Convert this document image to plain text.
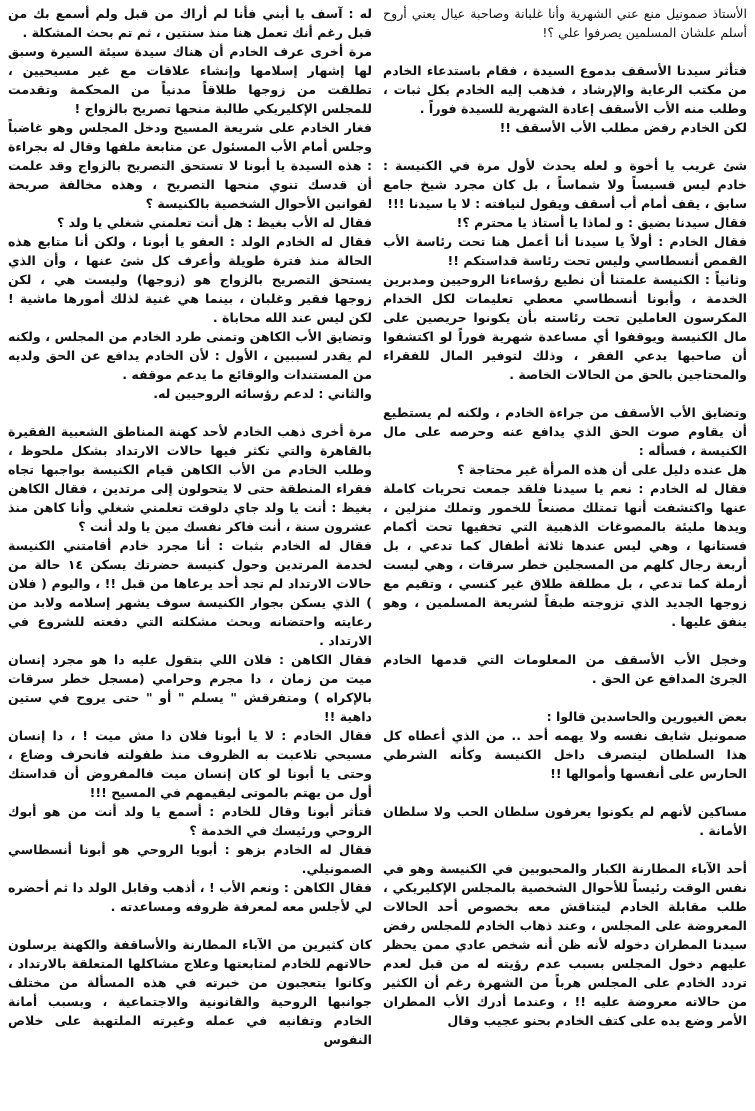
الأستاذ صمونيل منع عني الشهرية وأنا غلبانة وصاحبة عيال يعني أروح أسلم علشان المسلمين يصرفوا علي ؟!

فتأثر سيدنا الأسقف بدموع السيدة ، فقام باستدعاء الخادم من مكتب الرعاية والإرشاد ، فذهب إليه الخادم بكل ثبات ، وطلب منه الأب الأسقف إعادة الشهرية للسيدة فوراً .

لكن الخادم رفض مطلب الأب الأسقف !!

شئ غريب يا أخوة و لعله يحدث لأول مرة في الكنيسة : خادم ليس قسيساً ولا شماساً ، بل كان مجرد شيخ جامع سابق ، يقف أمام أب أسقف ويقول لنيافته : لا يا سيدنا !!!

فقال سيدنا بضيق : و لماذا يا أستاذ يا محترم ؟!

فقال الخادم : أولاً يا سيدنا أنا أعمل هنا تحت رئاسة الأب القمص أنسطاسي وليس تحت رئاسة قداستكم !!

وثانياً : الكنيسة علمتنا أن نطيع رؤساءنا الروحيين ومدبرين الخدمة ، وأبونا أنسطاسي معطي تعليمات لكل الخدام المكرسون العاملين تحت رئاسته بأن يكونوا حريصين على مال الكنيسة ويوقفوا أي مساعدة شهرية فوراً لو اكتشفوا أن صاحبها يدعي الفقر ، وذلك لتوفير المال للفقراء والمحتاجين بالحق من الحالات الخاصة .

وتضايق الأب الأسقف من جراءة الخادم ، ولكنه لم يستطيع أن يقاوم صوت الحق الذي يدافع عنه وحرصه على مال الكنيسة ، فسأله :

هل عنده دليل على أن هذه المرأة غير محتاجة ؟

فقال له الخادم : نعم يا سيدنا فلقد جمعت تحريات كاملة عنها واكتشفت أنها تمتلك مصنعاً للخمور وتملك منزلين ، ويدها مليئة بالمصوغات الذهبية التي تخفيها تحت أكمام فستانها ، وهي ليس عندها ثلاثة أطفال كما تدعي ، بل أربعة رجال كلهم من المسجلين خطر سرقات ، وهي ليست أرملة كما تدعي ، بل مطلقة طلاق غير كنسي ، وتقيم مع زوجها الجديد الذي تزوجته طبقاً لشريعة المسلمين ، وهو ينفق عليها .

وخجل الأب الأسقف من المعلومات التي قدمها الخادم الجرئ المدافع عن الحق .

بعض الغيورين والحاسدين قالوا :

صمونيل شايف نفسه ولا يهمه أحد .. من الذي أعطاه كل هذا السلطان ليتصرف داخل الكنيسة وكأنه الشرطي الحارس على أنفسها وأموالها !!

مساكين لأنهم لم يكونوا يعرفون سلطان الحب ولا سلطان الأمانة .

أحد الآباء المطارنة الكبار والمحبوبين في الكنيسة وهو في نفس الوقت رئيساً للأحوال الشخصية بالمجلس الإكليريكي ، طلب مقابلة الخادم ليتناقش معه بخصوص أحد الحالات المعروضة على المجلس ، وعند ذهاب الخادم للمجلس رفض سيدنا المطران دخوله لأنه ظن أنه شخص عادي ممن يحظر عليهم دخول المجلس بسبب عدم رؤيته له من قبل لعدم تردد الخادم على المجلس هرباً من الشهرة رغم أن الكثير من حالاته معروضة عليه !! ، وعندما أدرك الأب المطران الأمر وضع يده على كتف الخادم بحنو عجيب وقال

له : آسف يا أبني فأنا لم أراك من قبل ولم أسمع بك من قبل رغم أنك تعمل هنا منذ سنتين ، ثم تم بحث المشكلة .

مرة أخرى عرف الخادم أن هناك سيدة سيئة السيرة وسبق لها إشهار إسلامها وإنشاء علاقات مع غير مسيحيين ، تطلقت من زوجها طلاقاً مدنياً من المحكمة وتقدمت للمجلس الإكليريكي طالبة منحها تصريح بالزواج !

فغار الخادم على شريعة المسيح ودخل المجلس وهو غاضباً وجلس أمام الأب المسئول عن متابعة ملفها وقال له بجراءة : هذه السيدة يا أبونا لا تستحق التصريح بالزواج وقد علمت أن قدسك تنوي منحها التصريح ، وهذه مخالفة صريحة لقوانين الأحوال الشخصية بالكنيسة ؟

فقال له الأب بغيظ : هل أنت تعلمني شغلي يا ولد ؟

فقال له الخادم الولد : العفو يا أبونا ، ولكن أنا متابع هذه الحالة منذ فترة طويلة وأعرف كل شئ عنها ، وأن الذي يستحق التصريح بالزواج هو (زوجها) وليست هي ، لكن زوجها فقير وغلبان ، بينما هي غنية لذلك أمورها ماشية ! لكن ليس عند الله محاباة .

وتضايق الأب الكاهن وتمنى طرد الخادم من المجلس ، ولكنه لم يقدر لسببين ، الأول : لأن الخادم يدافع عن الحق ولديه من المستندات والوقائع ما يدعم موقفه .

والثاني : لدعم رؤسائه الروحيين له.

مرة أخرى ذهب الخادم لأحد كهنة المناطق الشعبية الفقيرة بالقاهرة والتي تكثر فيها حالات الارتداد بشكل ملحوظ ، وطلب الخادم من الأب الكاهن قيام الكنيسة بواجبها تجاه فقراء المنطقة حتى لا يتحولون إلى مرتدين ، فقال الكاهن بغيظ : أنت يا ولد جاي دلوقت تعلمني شغلي وأنا كاهن منذ عشرون سنة ، أنت فاكر نفسك مين يا ولد أنت ؟

فقال له الخادم بثبات : أنا مجرد خادم أقامتني الكنيسة لخدمة المرتدين وحول كنيسة حضرتك يسكن ١٤ حالة من حالات الارتداد لم تجد أحد يرعاها من قبل !! ، واليوم ( فلان ) الذي يسكن بجوار الكنيسة سوف يشهر إسلامه ولابد من رعايته واحتضانه وبحث مشكلته التي دفعته للشروع في الارتداد .

فقال الكاهن : فلان اللي بتقول عليه دا هو مجرد إنسان ميت من زمان ، دا مجرم وحرامي (مسجل خطر سرقات بالإكراه ) ومتفرقش " يسلم " أو " حتى يروح في ستين داهية !!

فقال الخادم : لا يا أبونا فلان دا مش ميت ! ، دا إنسان مسيحي تلاعبت به الظروف منذ طفولته فانحرف وضاع ، وحتى يا أبونا لو كان إنسان ميت فالمفروض أن قداستك أول من يهتم بالموتى ليقيمهم في المسيح !!!

فتأثر أبونا وقال للخادم : أسمع يا ولد أنت من هو أبوك الروحي ورئيسك في الخدمة ؟

فقال له الخادم بزهو : أبويا الروحي هو أبونا أنسطاسي الصمونيلي.

فقال الكاهن : ونعم الأب ! ، أذهب وقابل الولد دا ثم أحضره لي لأجلس معه لمعرفة ظروفه ومساعدته .

كان كثيرين من الآباء المطارنة والأساقفة والكهنة يرسلون حالاتهم للخادم لمتابعتها وعلاج مشاكلها المتعلقة بالارتداد ، وكانوا يتعجبون من خبرته في هذه المسألة من مختلف جوانبها الروحية والقانونية والاجتماعية ، وبسبب أمانة الخادم وتفانيه في عمله وغيرته الملتهبة على خلاص النفوس
